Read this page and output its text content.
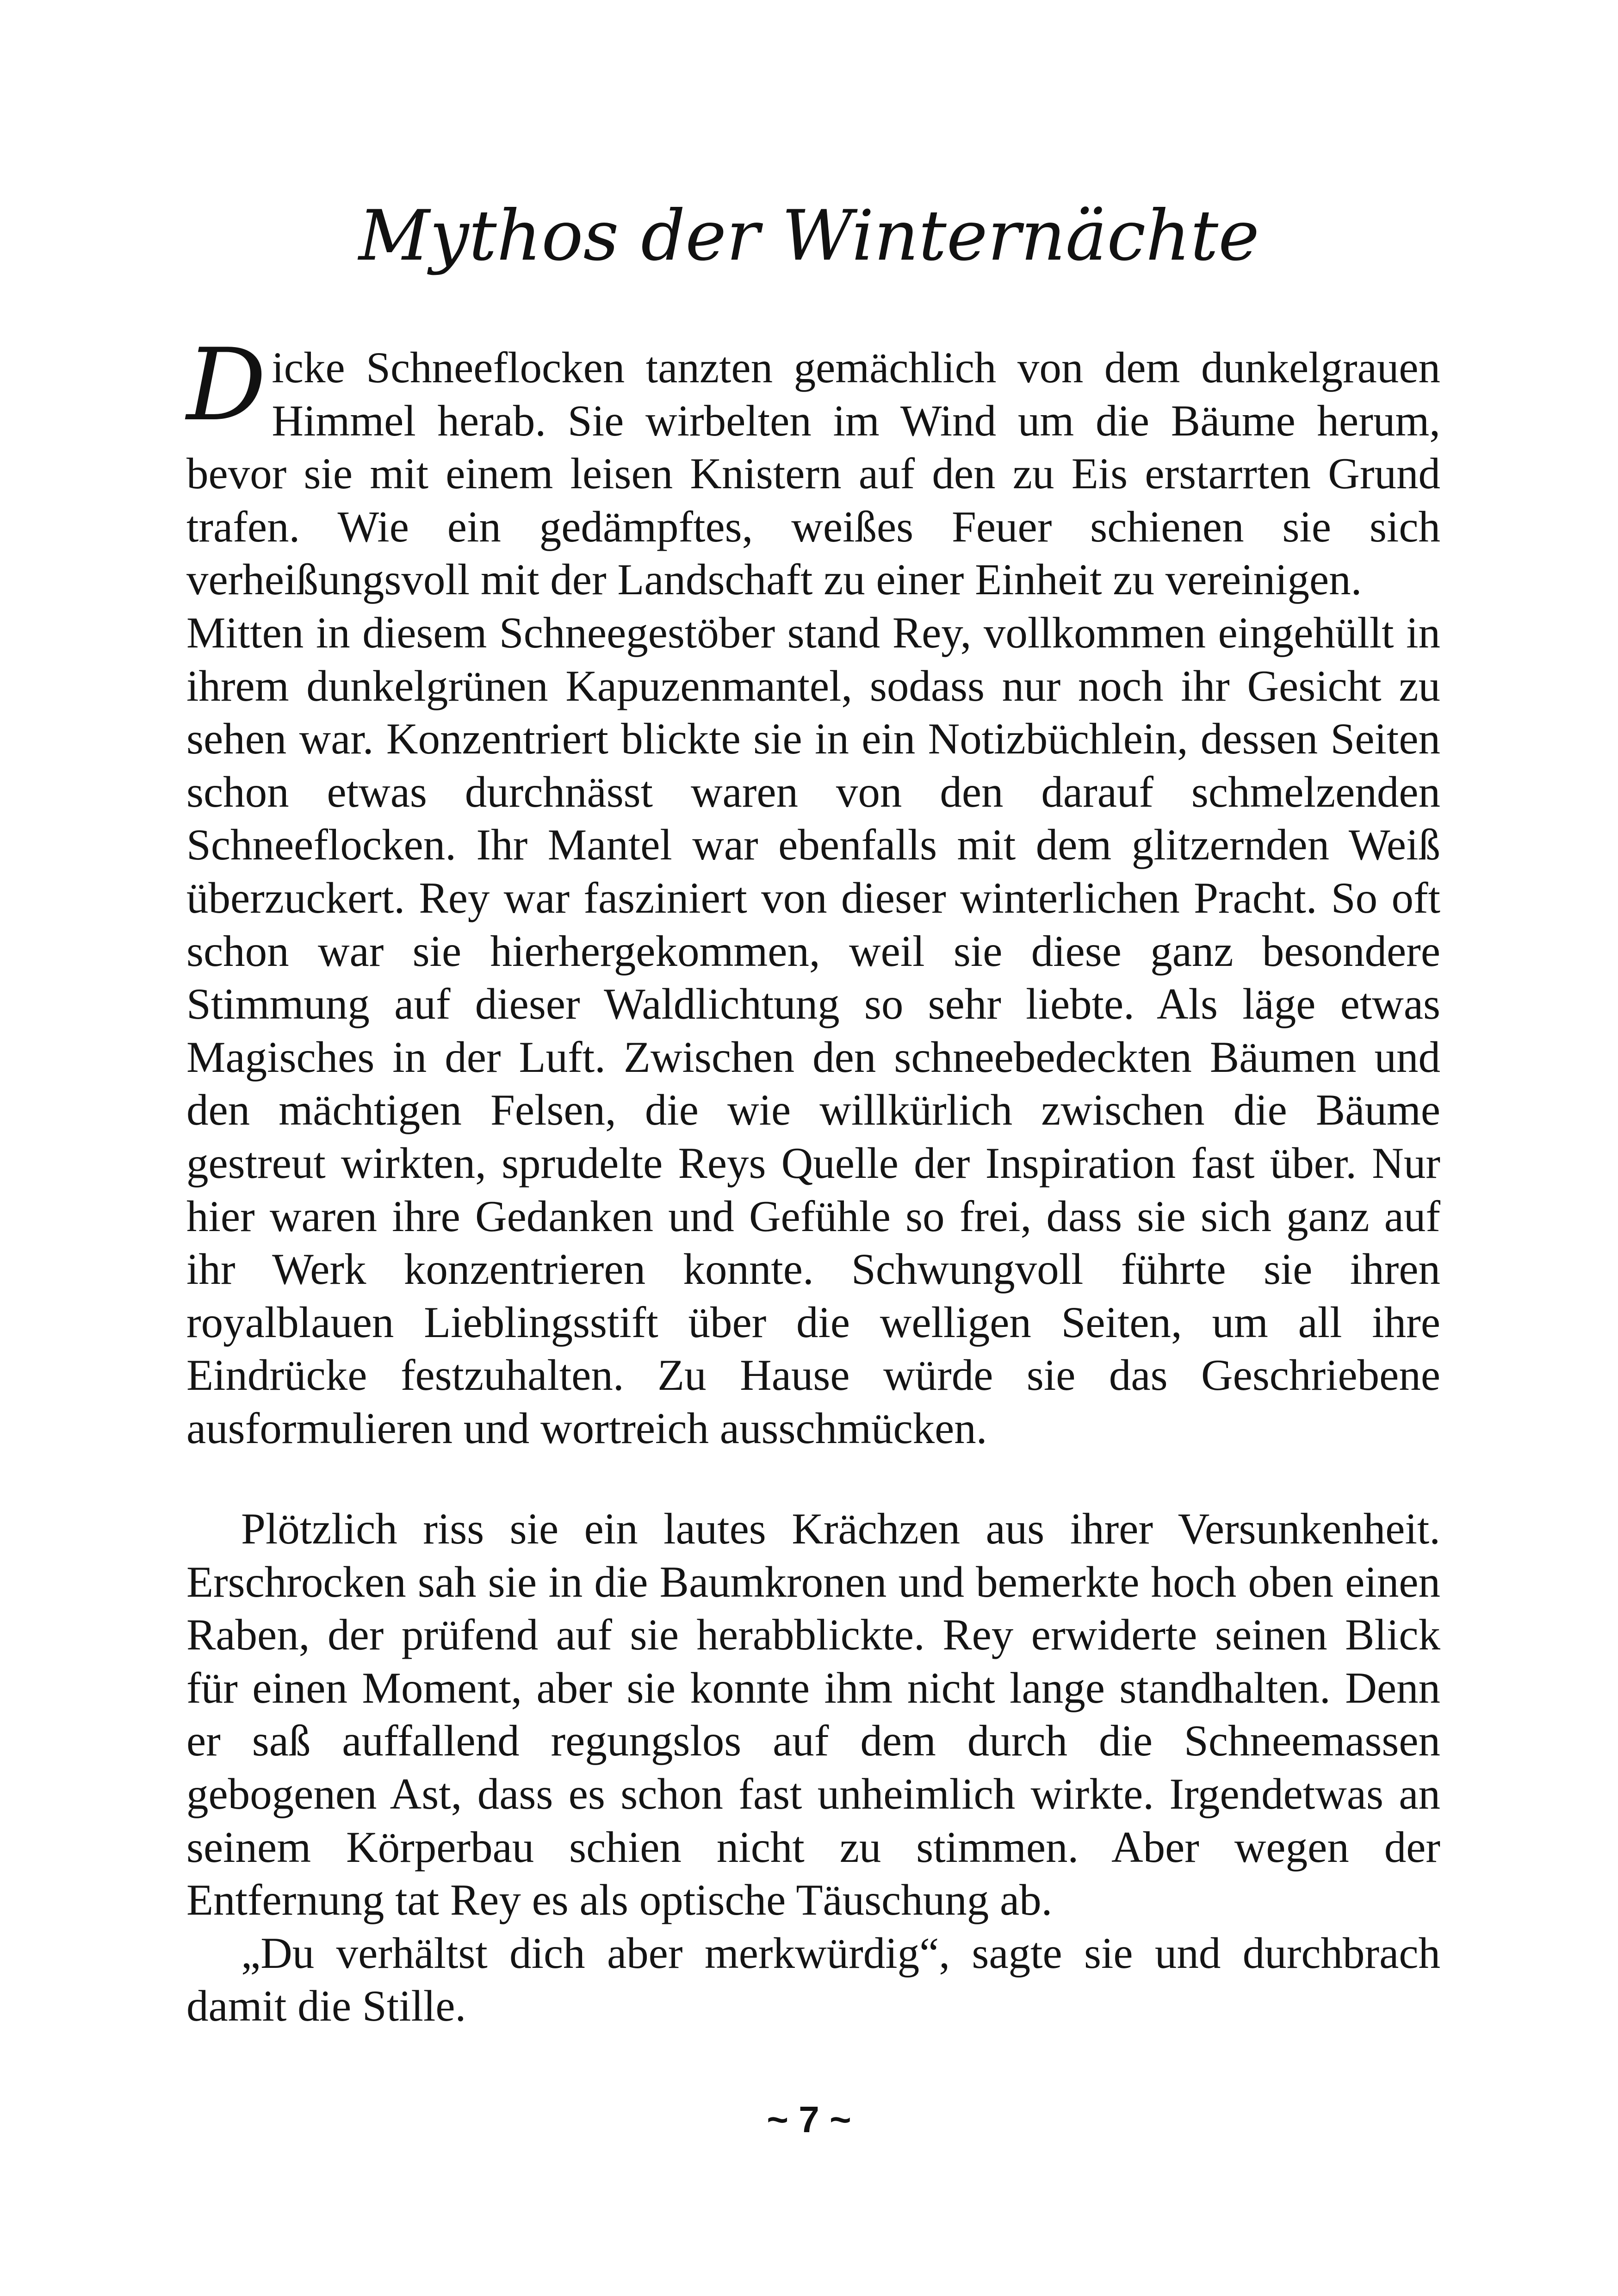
Mythos der Winternächte

Dicke Schneeflocken tanzten gemächlich von dem dunkelgrauen Himmel herab. Sie wirbelten im Wind um die Bäume herum, bevor sie mit einem leisen Knistern auf den zu Eis erstarrten Grund trafen. Wie ein gedämpftes, weißes Feuer schienen sie sich verheißungsvoll mit der Landschaft zu einer Einheit zu vereinigen.

Mitten in diesem Schneegestöber stand Rey, vollkommen eingehüllt in ihrem dunkelgrünen Kapuzenmantel, sodass nur noch ihr Gesicht zu sehen war. Konzentriert blickte sie in ein Notizbüchlein, dessen Seiten schon etwas durchnässt waren von den darauf schmelzenden Schneeflocken. Ihr Mantel war ebenfalls mit dem glitzernden Weiß überzuckert. Rey war fasziniert von dieser winterlichen Pracht. So oft schon war sie hierhergekommen, weil sie diese ganz besondere Stimmung auf dieser Waldlichtung so sehr liebte. Als läge etwas Magisches in der Luft. Zwischen den schneebedeckten Bäumen und den mächtigen Felsen, die wie willkürlich zwischen die Bäume gestreut wirkten, sprudelte Reys Quelle der Inspiration fast über. Nur hier waren ihre Gedanken und Gefühle so frei, dass sie sich ganz auf ihr Werk konzentrieren konnte. Schwungvoll führte sie ihren royalblauen Lieblingsstift über die welligen Seiten, um all ihre Eindrücke festzuhalten. Zu Hause würde sie das Geschriebene ausformulieren und wortreich ausschmücken.

Plötzlich riss sie ein lautes Krächzen aus ihrer Versunkenheit. Erschrocken sah sie in die Baumkronen und bemerkte hoch oben einen Raben, der prüfend auf sie herabblickte. Rey erwiderte seinen Blick für einen Moment, aber sie konnte ihm nicht lange standhalten. Denn er saß auffallend regungslos auf dem durch die Schneemassen gebogenen Ast, dass es schon fast unheimlich wirkte. Irgendetwas an seinem Körperbau schien nicht zu stimmen. Aber wegen der Entfernung tat Rey es als optische Täuschung ab.

„Du verhältst dich aber merkwürdig“, sagte sie und durchbrach damit die Stille.

~ 7 ~
